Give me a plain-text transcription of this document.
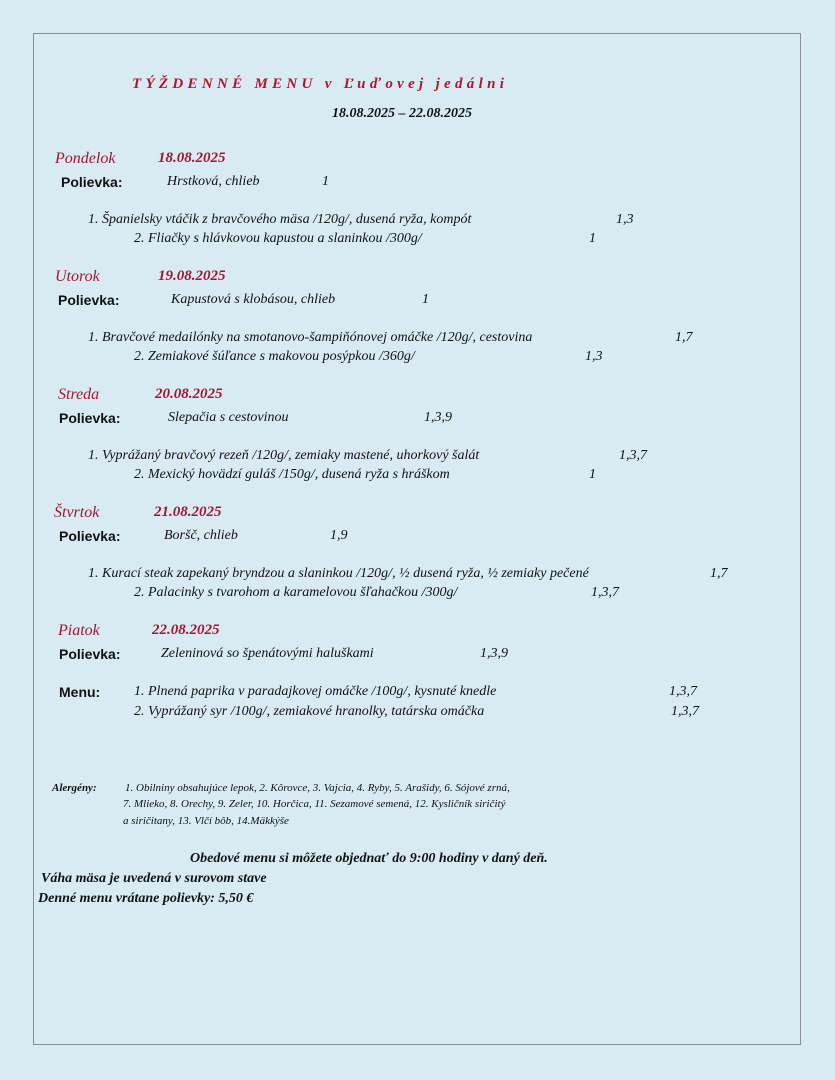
TÝŽDENNÉ MENU v Ľuďovej jedálni
18.08.2025 – 22.08.2025
Pondelok	18.08.2025
Polievka:	Hrstková, chlieb	1
1. Španielsky vtáčik z bravčového mäsa /120g/, dusená ryža, kompót	1,3
2. Fliačky s hlávkovou kapustou a slaninkou /300g/	1
Utorok	19.08.2025
Polievka:	Kapustová s klobásou, chlieb	1
1. Bravčové medailónky na smotanovo-šampiňónovej omáčke /120g/, cestovina	1,7
2. Zemiakové šúľance s makovou posýpkou /360g/	1,3
Streda	20.08.2025
Polievka:	Slepačia s cestovinou	1,3,9
1. Vyprážaný bravčový rezeň /120g/, zemiaky mastené, uhorkový šalát	1,3,7
2. Mexický hovädzí guláš /150g/, dusená ryža s hráškom	1
Štvrtok	21.08.2025
Polievka:	Boršč, chlieb	1,9
1. Kurací steak zapekaný bryndzou a slaninkou /120g/, ½ dusená ryža, ½ zemiaky pečené	1,7
2. Palacinky s tvarohom a karamelovou šľahačkou /300g/	1,3,7
Piatok	22.08.2025
Polievka:	Zeleninová so špenátovými haluškami	1,3,9
Menu: 1. Plnená paprika v paradajkovej omáčke /100g/, kysnuté knedle	1,3,7
2. Vyprážaný syr /100g/, zemiakové hranolky, tatárska omáčka	1,3,7
Alergény:	1. Obilniny obsahujúce lepok, 2. Kôrovce, 3. Vajcia, 4. Ryby, 5. Arašidy, 6. Sójové zrná,
7. Mlieko, 8. Orechy, 9. Zeler, 10. Horčica, 11. Sezamové semená, 12. Kysličník siričitý
a siričitany, 13. Vlčí bôb, 14.Mäkkýše
Obedové menu si môžete objednať do 9:00 hodiny v daný deň.
Váha mäsa je uvedená v surovom stave
Denné menu vrátane polievky: 5,50 €
